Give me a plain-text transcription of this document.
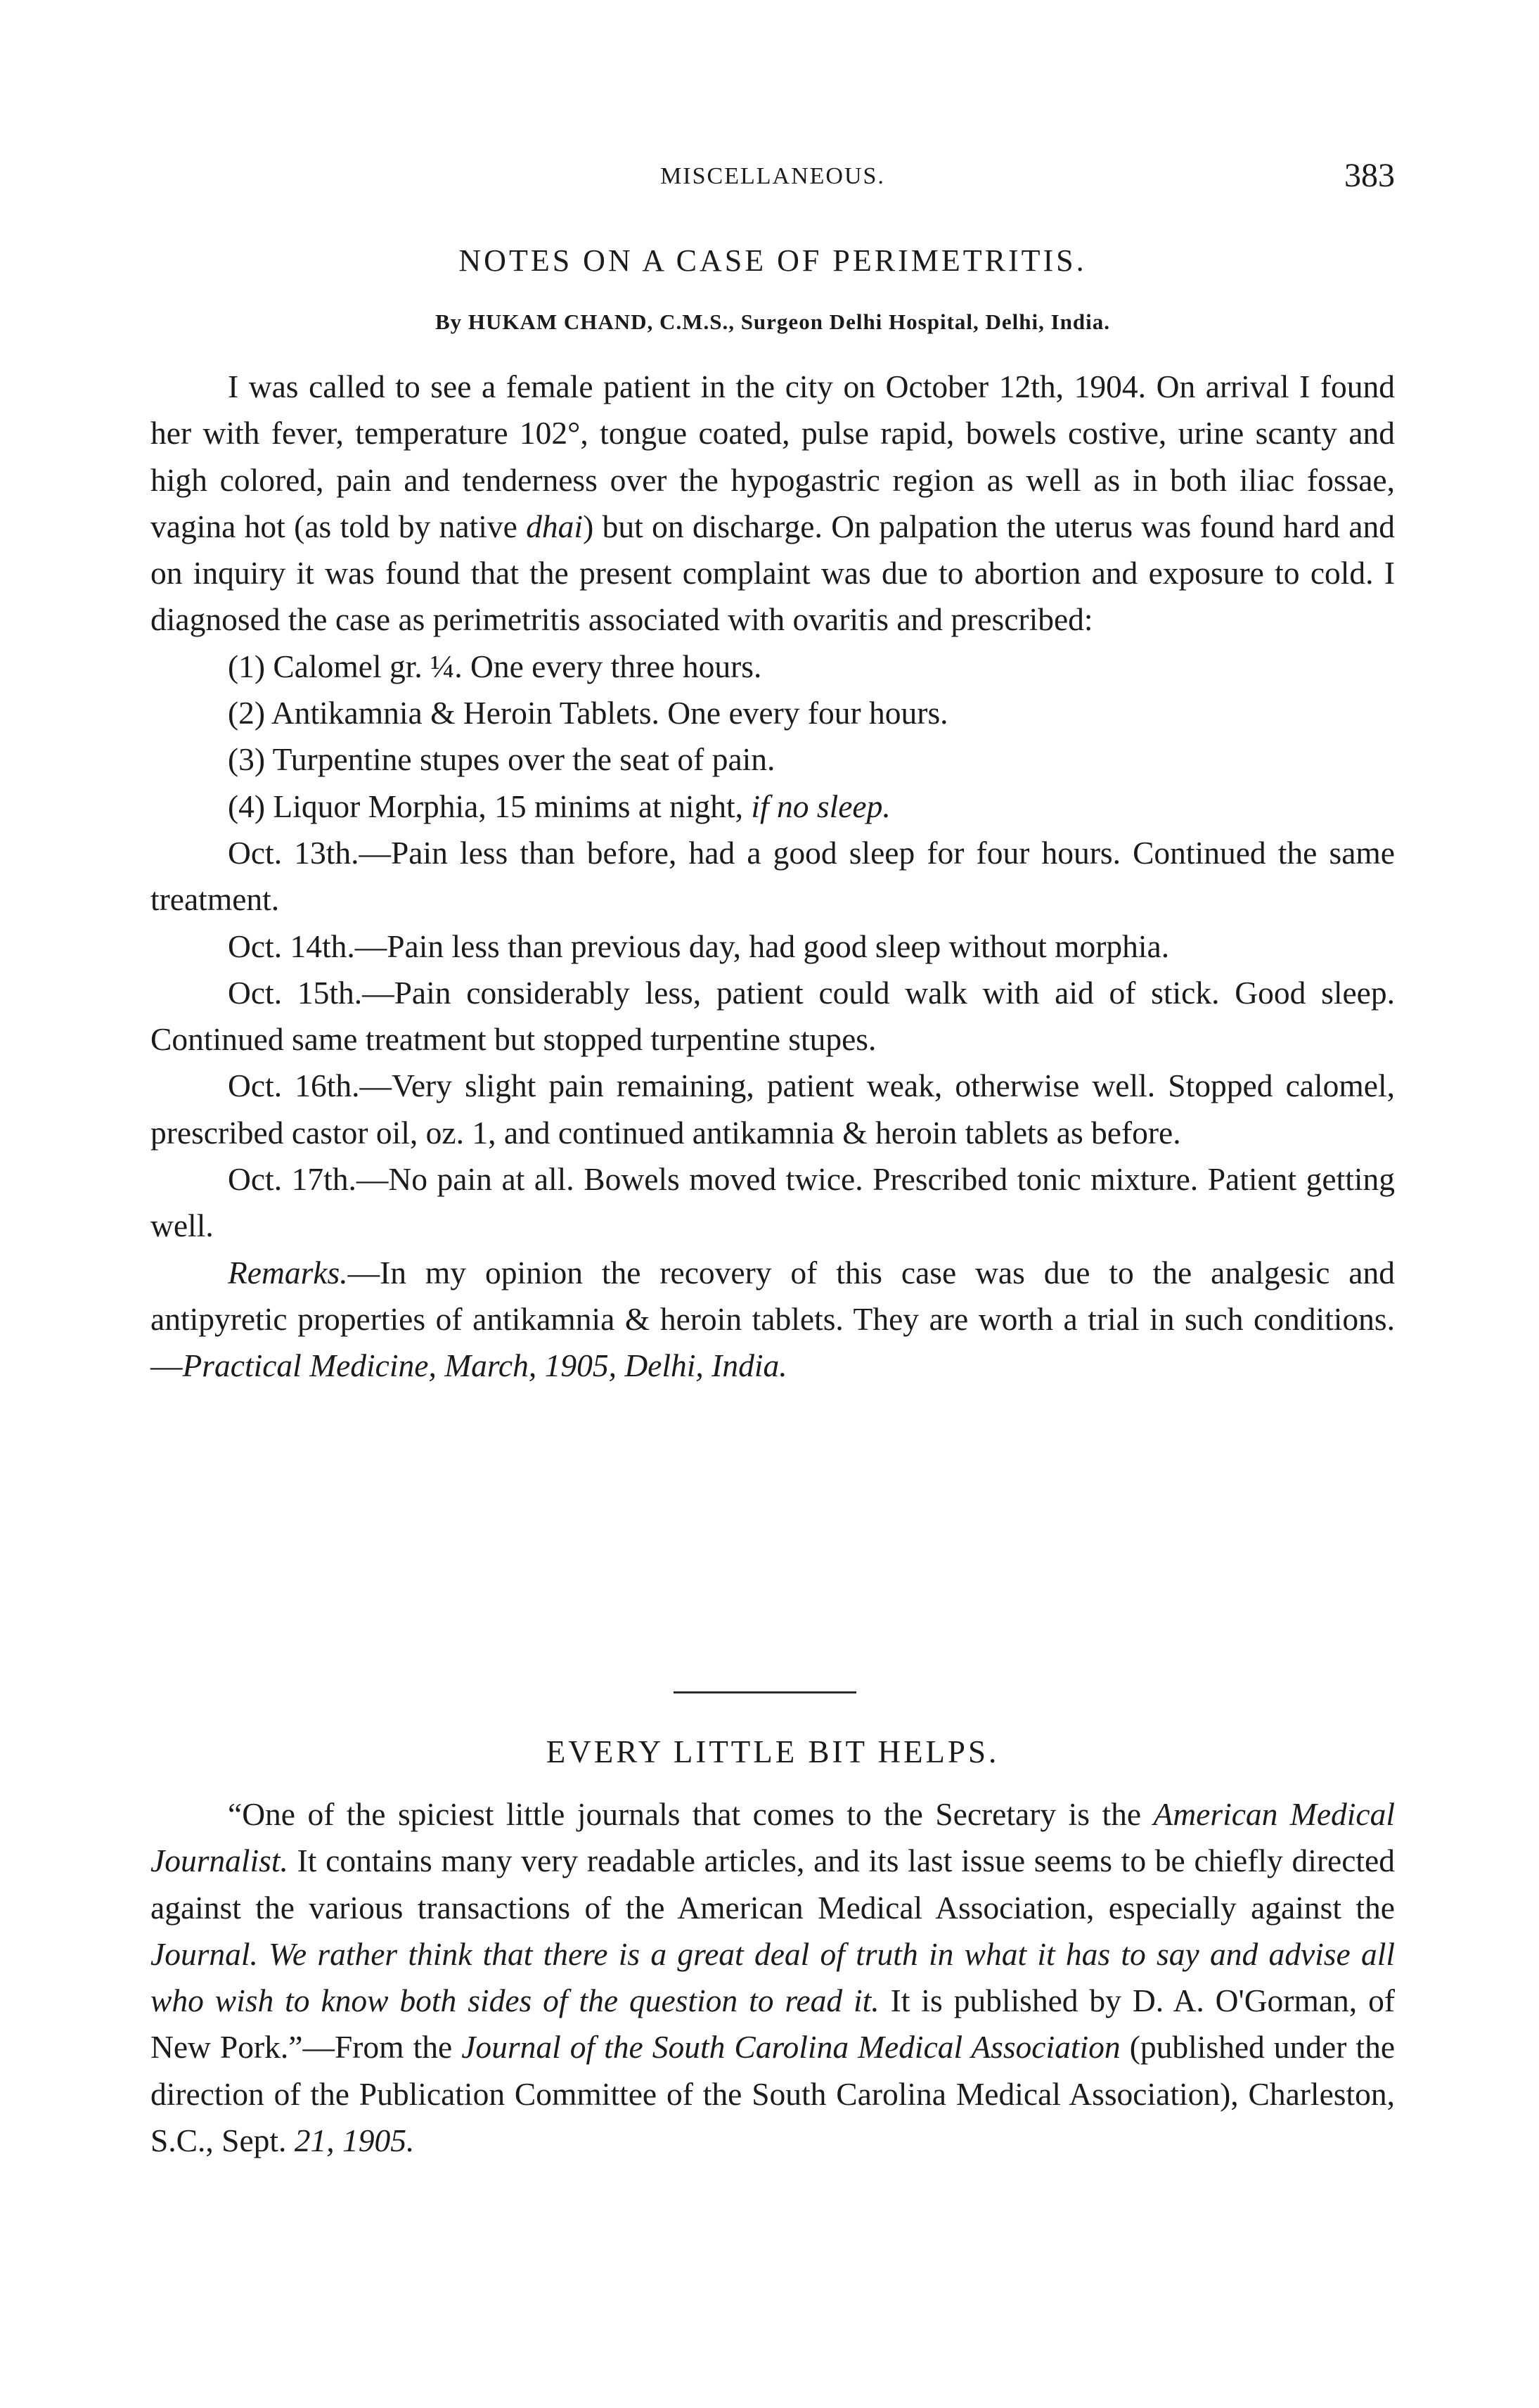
MISCELLANEOUS.	383
NOTES ON A CASE OF PERIMETRITIS.
By HUKAM CHAND, C.M.S., Surgeon Delhi Hospital, Delhi, India.

I was called to see a female patient in the city on October 12th, 1904. On arrival I found her with fever, temperature 102°, tongue coated, pulse rapid, bowels costive, urine scanty and high colored, pain and tenderness over the hypogastric region as well as in both iliac fossae, vagina hot (as told by native dhai) but on discharge. On palpation the uterus was found hard and on inquiry it was found that the present complaint was due to abortion and exposure to cold. I diagnosed the case as perimetritis associated with ovaritis and prescribed:

(1) Calomel gr. ¼. One every three hours.
(2) Antikamnia & Heroin Tablets. One every four hours.
(3) Turpentine stupes over the seat of pain.
(4) Liquor Morphia, 15 minims at night, if no sleep.

Oct. 13th.—Pain less than before, had a good sleep for four hours. Continued the same treatment.

Oct. 14th.—Pain less than previous day, had good sleep without morphia.

Oct. 15th.—Pain considerably less, patient could walk with aid of stick. Good sleep. Continued same treatment but stopped turpentine stupes.

Oct. 16th.—Very slight pain remaining, patient weak, otherwise well. Stopped calomel, prescribed castor oil, oz. 1, and continued antikamnia & heroin tablets as before.

Oct. 17th.—No pain at all. Bowels moved twice. Prescribed tonic mixture. Patient getting well.

Remarks.—In my opinion the recovery of this case was due to the analgesic and antipyretic properties of antikamnia & heroin tablets. They are worth a trial in such conditions.—Practical Medicine, March, 1905, Delhi, India.

EVERY LITTLE BIT HELPS.

“One of the spiciest little journals that comes to the Secretary is the American Medical Journalist. It contains many very readable articles, and its last issue seems to be chiefly directed against the various transactions of the American Medical Association, especially against the Journal. We rather think that there is a great deal of truth in what it has to say and advise all who wish to know both sides of the question to read it. It is published by D. A. O'Gorman, of New Pork.”—From the Journal of the South Carolina Medical Association (published under the direction of the Publication Committee of the South Carolina Medical Association), Charleston, S.C., Sept. 21, 1905.
